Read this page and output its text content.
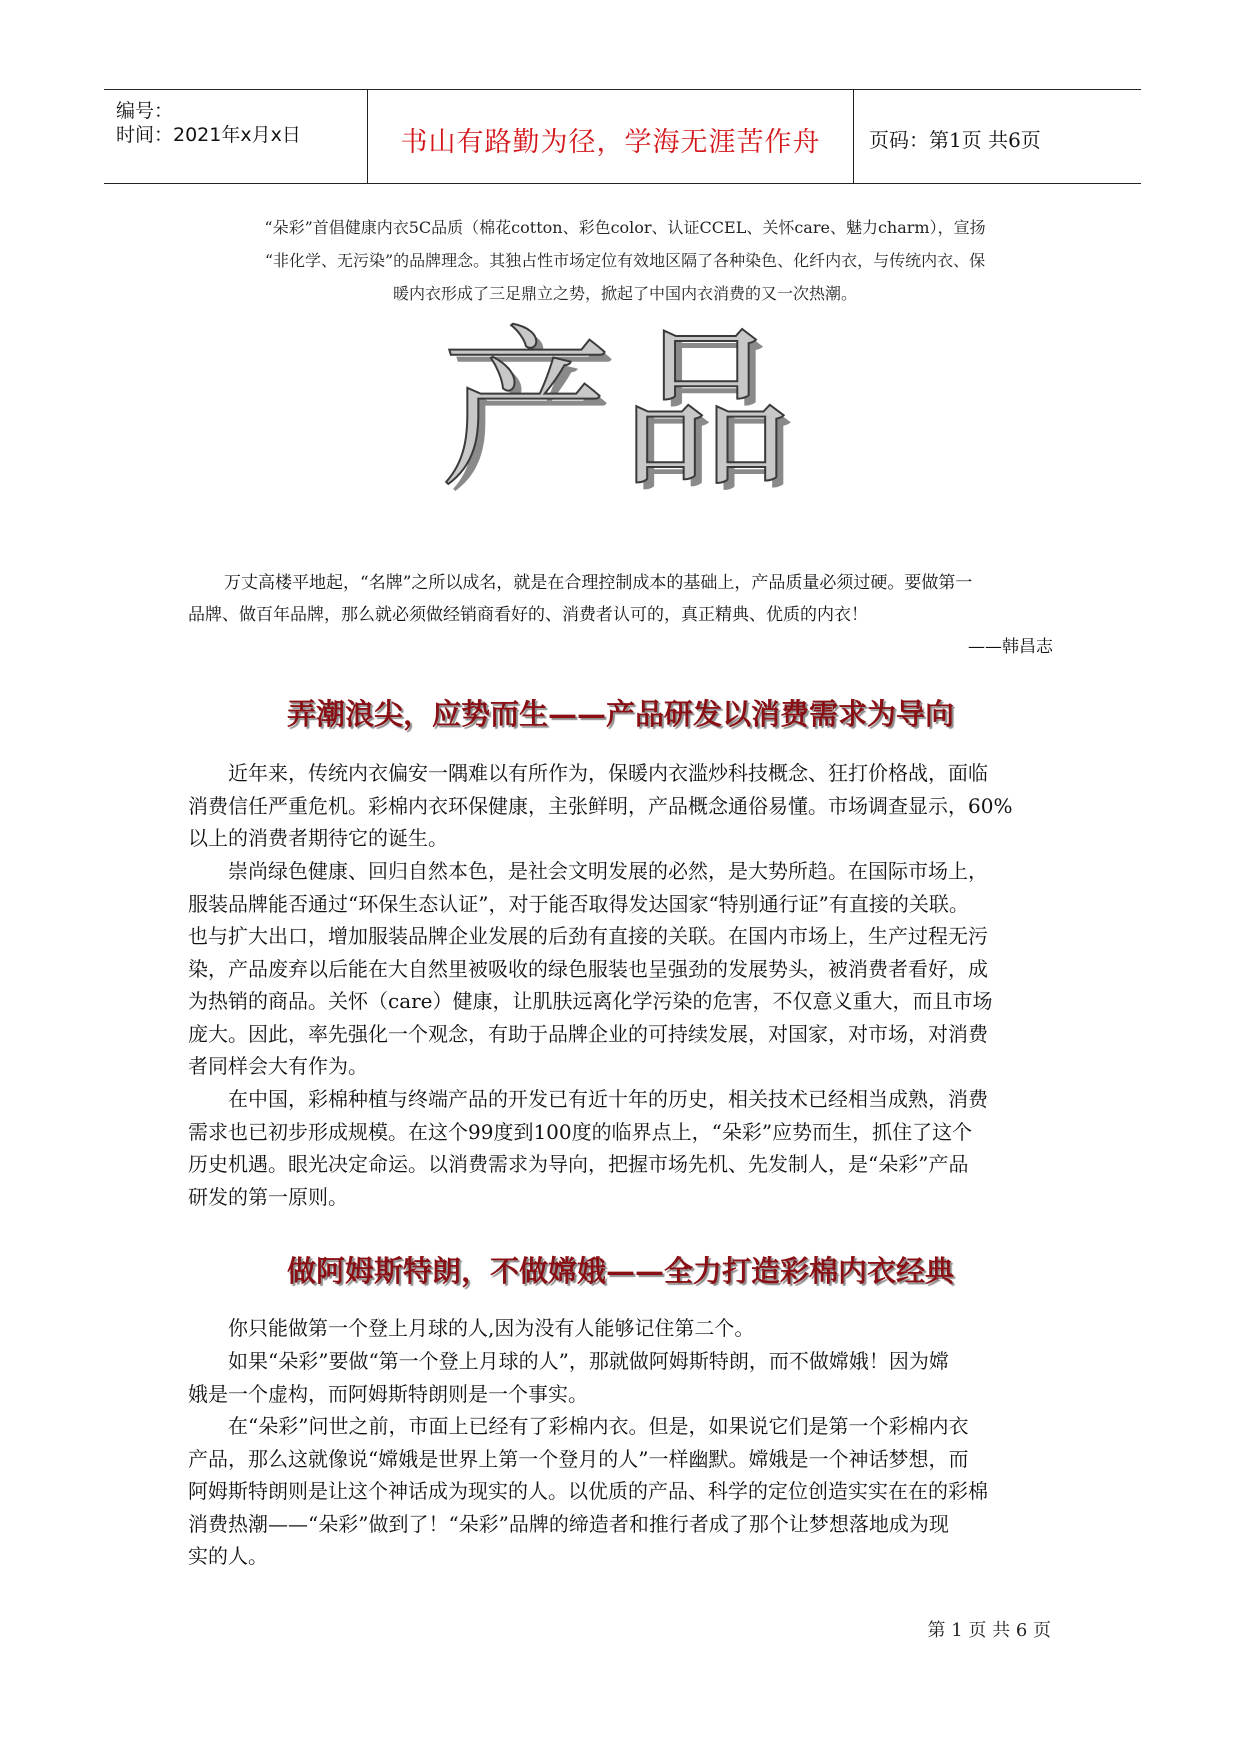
编号：
时间：2021年x月x日	书山有路勤为径，学海无涯苦作舟	页码：第1页 共6页

“朵彩”首倡健康内衣5C品质（棉花cotton、彩色color、认证CCEL、关怀care、魅力charm），宣扬

“非化学、无污染”的品牌理念。其独占性市场定位有效地区隔了各种染色、化纤内衣，与传统内衣、保

暖内衣形成了三足鼎立之势，掀起了中国内衣消费的又一次热潮。

产品

万丈高楼平地起，“名牌”之所以成名，就是在合理控制成本的基础上，产品质量必须过硬。要做第一

品牌、做百年品牌，那么就必须做经销商看好的、消费者认可的，真正精典、优质的内衣！

——韩昌志

弄潮浪尖，应势而生——产品研发以消费需求为导向

近年来，传统内衣偏安一隅难以有所作为，保暖内衣滥炒科技概念、狂打价格战，面临

消费信任严重危机。彩棉内衣环保健康，主张鲜明，产品概念通俗易懂。市场调查显示，60%

以上的消费者期待它的诞生。

崇尚绿色健康、回归自然本色，是社会文明发展的必然，是大势所趋。在国际市场上，

服装品牌能否通过“环保生态认证”，对于能否取得发达国家“特别通行证”有直接的关联。

也与扩大出口，增加服装品牌企业发展的后劲有直接的关联。在国内市场上，生产过程无污

染，产品废弃以后能在大自然里被吸收的绿色服装也呈强劲的发展势头，被消费者看好，成

为热销的商品。关怀（care）健康，让肌肤远离化学污染的危害，不仅意义重大，而且市场

庞大。因此，率先强化一个观念，有助于品牌企业的可持续发展，对国家，对市场，对消费

者同样会大有作为。

在中国，彩棉种植与终端产品的开发已有近十年的历史，相关技术已经相当成熟，消费

需求也已初步形成规模。在这个99度到100度的临界点上，“朵彩”应势而生，抓住了这个

历史机遇。眼光决定命运。以消费需求为导向，把握市场先机、先发制人，是“朵彩”产品

研发的第一原则。

做阿姆斯特朗，不做嫦娥——全力打造彩棉内衣经典

你只能做第一个登上月球的人,因为没有人能够记住第二个。

如果“朵彩”要做“第一个登上月球的人”，那就做阿姆斯特朗，而不做嫦娥！因为嫦

娥是一个虚构，而阿姆斯特朗则是一个事实。

在“朵彩”问世之前，市面上已经有了彩棉内衣。但是，如果说它们是第一个彩棉内衣

产品，那么这就像说“嫦娥是世界上第一个登月的人”一样幽默。嫦娥是一个神话梦想，而

阿姆斯特朗则是让这个神话成为现实的人。以优质的产品、科学的定位创造实实在在的彩棉

消费热潮——“朵彩”做到了！“朵彩”品牌的缔造者和推行者成了那个让梦想落地成为现

实的人。

第 1 页 共 6 页
